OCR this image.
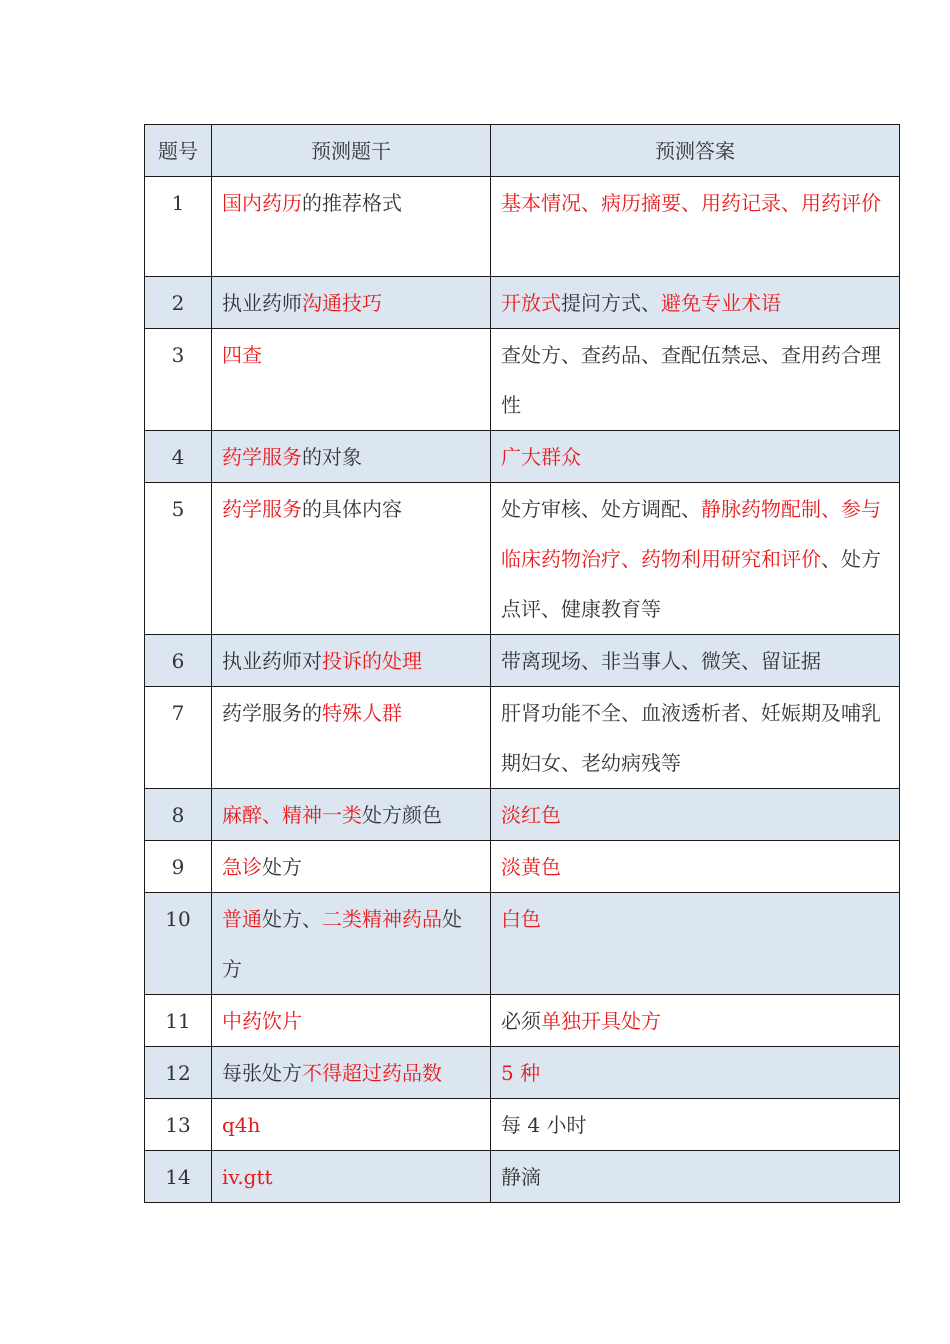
题号	预测题干	预测答案
1	国内药历的推荐格式	基本情况、病历摘要、用药记录、用药评价
2	执业药师沟通技巧	开放式提问方式、避免专业术语
3	四查	查处方、查药品、查配伍禁忌、查用药合理性
4	药学服务的对象	广大群众
5	药学服务的具体内容	处方审核、处方调配、静脉药物配制、参与临床药物治疗、药物利用研究和评价、处方点评、健康教育等
6	执业药师对投诉的处理	带离现场、非当事人、微笑、留证据
7	药学服务的特殊人群	肝肾功能不全、血液透析者、妊娠期及哺乳期妇女、老幼病残等
8	麻醉、精神一类处方颜色	淡红色
9	急诊处方	淡黄色
10	普通处方、二类精神药品处方	白色
11	中药饮片	必须单独开具处方
12	每张处方不得超过药品数	5 种
13	q4h	每 4 小时
14	iv.gtt	静滴
